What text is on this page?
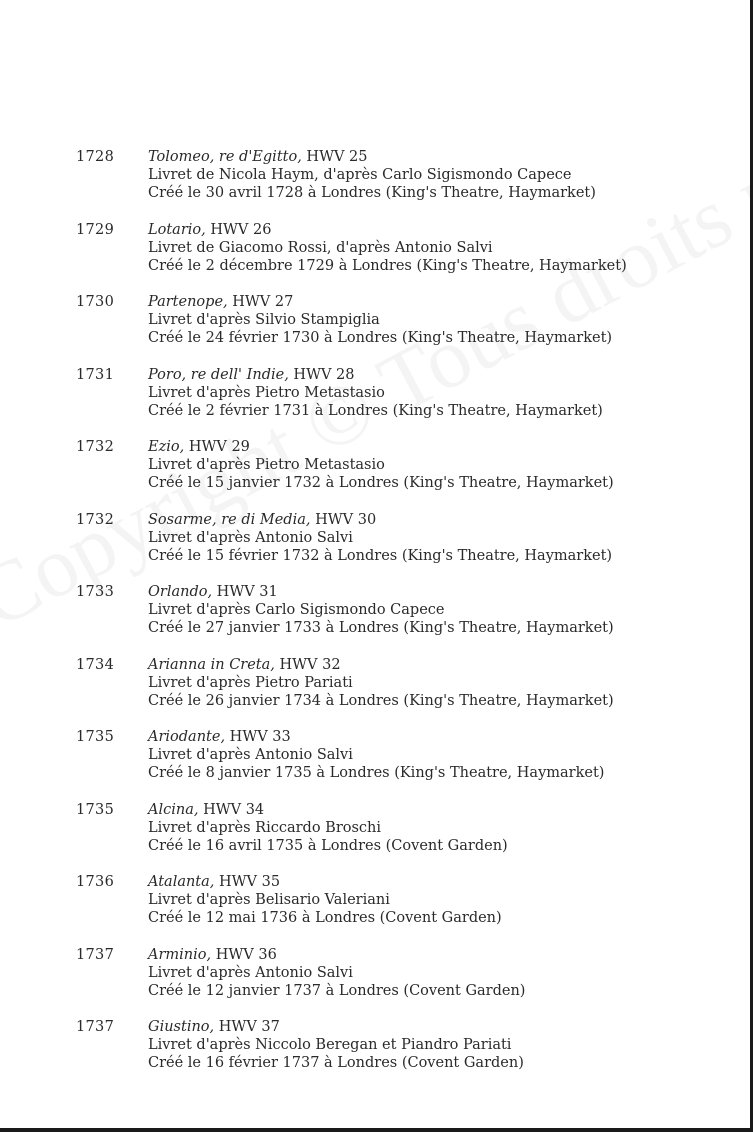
1728 Tolomeo, re d'Egitto, HWV 25
Livret de Nicola Haym, d'après Carlo Sigismondo Capece
Créé le 30 avril 1728 à Londres (King's Theatre, Haymarket)
1729 Lotario, HWV 26
Livret de Giacomo Rossi, d'après Antonio Salvi
Créé le 2 décembre 1729 à Londres (King's Theatre, Haymarket)
1730 Partenope, HWV 27
Livret d'après Silvio Stampiglia
Créé le 24 février 1730 à Londres (King's Theatre, Haymarket)
1731 Poro, re dell' Indie, HWV 28
Livret d'après Pietro Metastasio
Créé le 2 février 1731 à Londres (King's Theatre, Haymarket)
1732 Ezio, HWV 29
Livret d'après Pietro Metastasio
Créé le 15 janvier 1732 à Londres (King's Theatre, Haymarket)
1732 Sosarme, re di Media, HWV 30
Livret d'après Antonio Salvi
Créé le 15 février 1732 à Londres (King's Theatre, Haymarket)
1733 Orlando, HWV 31
Livret d'après Carlo Sigismondo Capece
Créé le 27 janvier 1733 à Londres (King's Theatre, Haymarket)
1734 Arianna in Creta, HWV 32
Livret d'après Pietro Pariati
Créé le 26 janvier 1734 à Londres (King's Theatre, Haymarket)
1735 Ariodante, HWV 33
Livret d'après Antonio Salvi
Créé le 8 janvier 1735 à Londres (King's Theatre, Haymarket)
1735 Alcina, HWV 34
Livret d'après Riccardo Broschi
Créé le 16 avril 1735 à Londres (Covent Garden)
1736 Atalanta, HWV 35
Livret d'après Belisario Valeriani
Créé le 12 mai 1736 à Londres (Covent Garden)
1737 Arminio, HWV 36
Livret d'après Antonio Salvi
Créé le 12 janvier 1737 à Londres (Covent Garden)
1737 Giustino, HWV 37
Livret d'après Niccolo Beregan et Piandro Pariati
Créé le 16 février 1737 à Londres (Covent Garden)
